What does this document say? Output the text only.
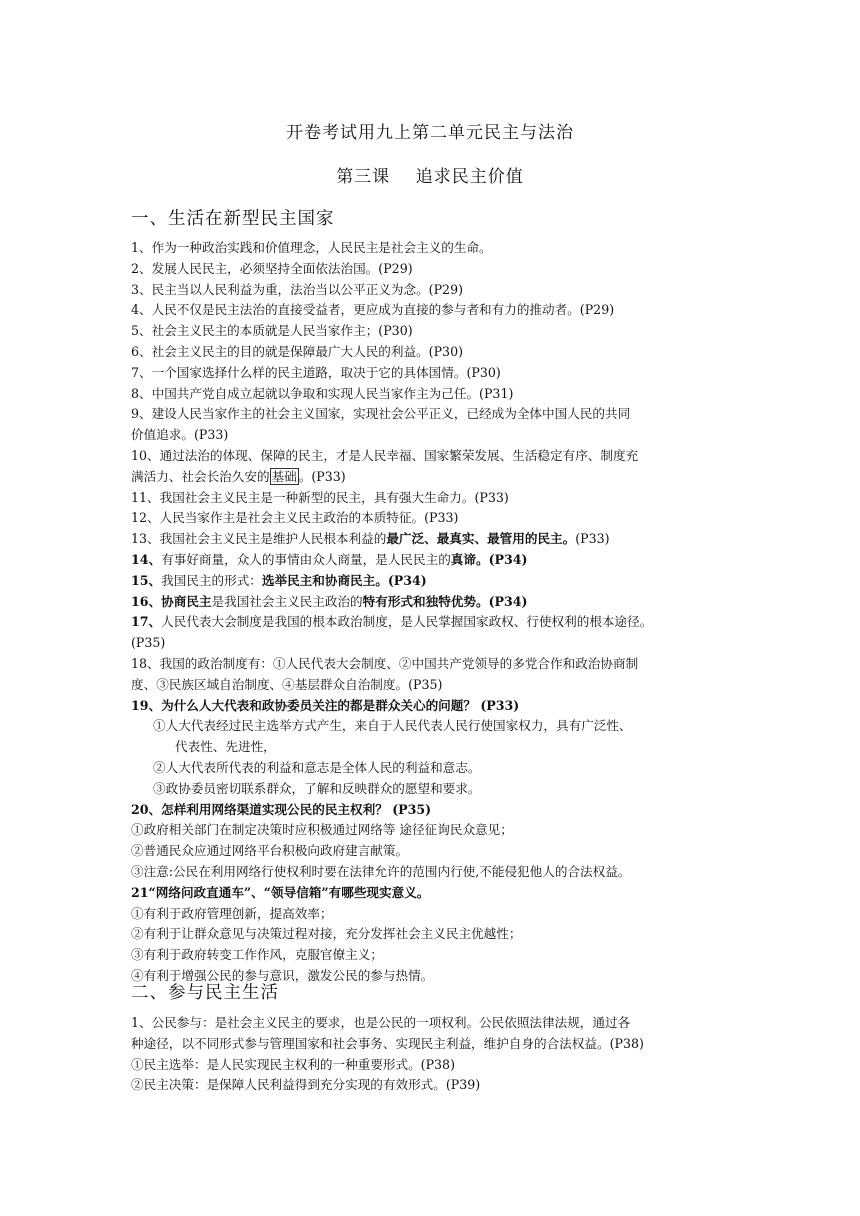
开卷考试用九上第二单元民主与法治
第三课    追求民主价值
一、生活在新型民主国家
1、作为一种政治实践和价值理念，人民民主是社会主义的生命。
2、发展人民民主，必须坚持全面依法治国。(P29)
3、民主当以人民利益为重，法治当以公平正义为念。(P29)
4、人民不仅是民主法治的直接受益者，更应成为直接的参与者和有力的推动者。(P29)
5、社会主义民主的本质就是人民当家作主；(P30)
6、社会主义民主的目的就是保障最广大人民的利益。(P30)
7、一个国家选择什么样的民主道路，取决于它的具体国情。(P30)
8、中国共产党自成立起就以争取和实现人民当家作主为己任。(P31)
9、建设人民当家作主的社会主义国家，实现社会公平正义，已经成为全体中国人民的共同
价值追求。(P33)
10、通过法治的体现、保障的民主，才是人民幸福、国家繁荣发展、生活稳定有序、制度充
满活力、社会长治久安的 基础 。(P33)
11、我国社会主义民主是一种新型的民主，具有强大生命力。(P33)
12、人民当家作主是社会主义民主政治的本质特征。(P33)
13、我国社会主义民主是维护人民根本利益的最广泛、最真实、最管用的民主。(P33)
14、有事好商量，众人的事情由众人商量，是人民民主的真谛。(P34)
15、我国民主的形式：选举民主和协商民主。(P34)
16、协商民主是我国社会主义民主政治的特有形式和独特优势。(P34)
17、人民代表大会制度是我国的根本政治制度，是人民掌握国家政权、行使权利的根本途径。
(P35)
18、我国的政治制度有：①人民代表大会制度、②中国共产党领导的多党合作和政治协商制
度、③民族区域自治制度、④基层群众自治制度。(P35)
19、为什么人大代表和政协委员关注的都是群众关心的问题？ (P33)
①人大代表经过民主选举方式产生，来自于人民代表人民行使国家权力，具有广泛性、
代表性、先进性，
②人大代表所代表的利益和意志是全体人民的利益和意志。
③政协委员密切联系群众，了解和反映群众的愿望和要求。
20、怎样利用网络渠道实现公民的民主权利？ (P35)
①政府相关部门在制定决策时应积极通过网络等 途径征询民众意见；
②普通民众应通过网络平台积极向政府建言献策。
③注意:公民在利用网络行使权利时要在法律允许的范围内行使,不能侵犯他人的合法权益。
21“网络问政直通车”、“领导信箱”有哪些现实意义。
①有利于政府管理创新，提高效率；
②有利于让群众意见与决策过程对接，充分发挥社会主义民主优越性；
③有利于政府转变工作作风，克服官僚主义；
④有利于增强公民的参与意识，激发公民的参与热情。
二、参与民主生活
1、公民参与：是社会主义民主的要求，也是公民的一项权利。公民依照法律法规，通过各
种途径，以不同形式参与管理国家和社会事务、实现民主利益，维护自身的合法权益。(P38)
①民主选举：是人民实现民主权利的一种重要形式。(P38)
②民主决策：是保障人民利益得到充分实现的有效形式。(P39)
